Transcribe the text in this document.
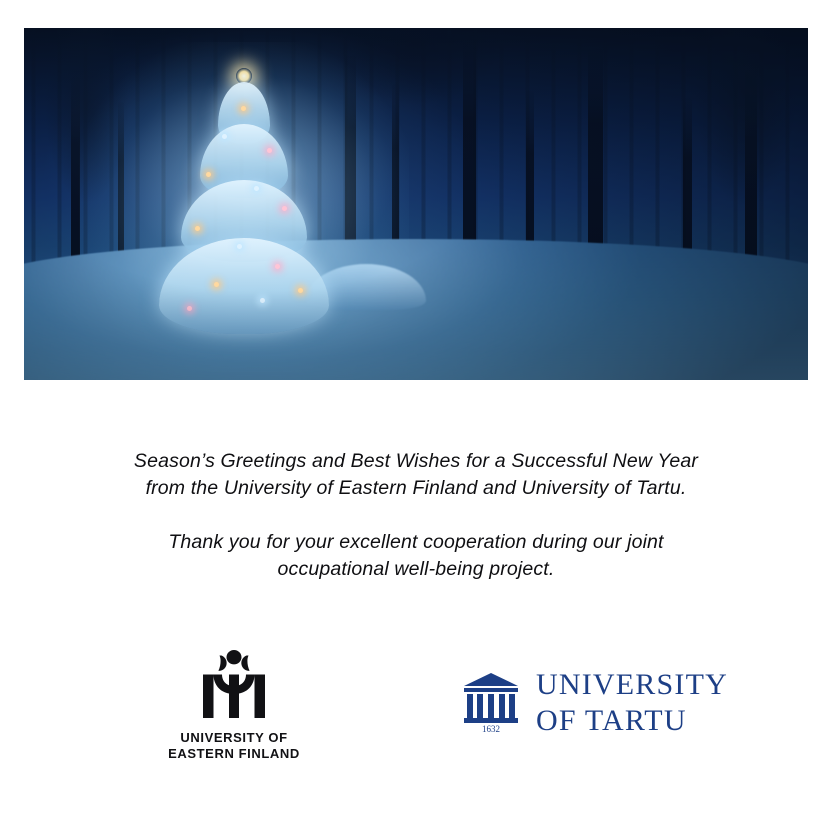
Season’s Greetings and Best Wishes for a Successful New Year

from the University of Eastern Finland and University of Tartu.

Thank you for your excellent cooperation during our joint

occupational well-being project.

UNIVERSITY OF
EASTERN FINLAND
1632
UNIVERSITY
OF TARTU
